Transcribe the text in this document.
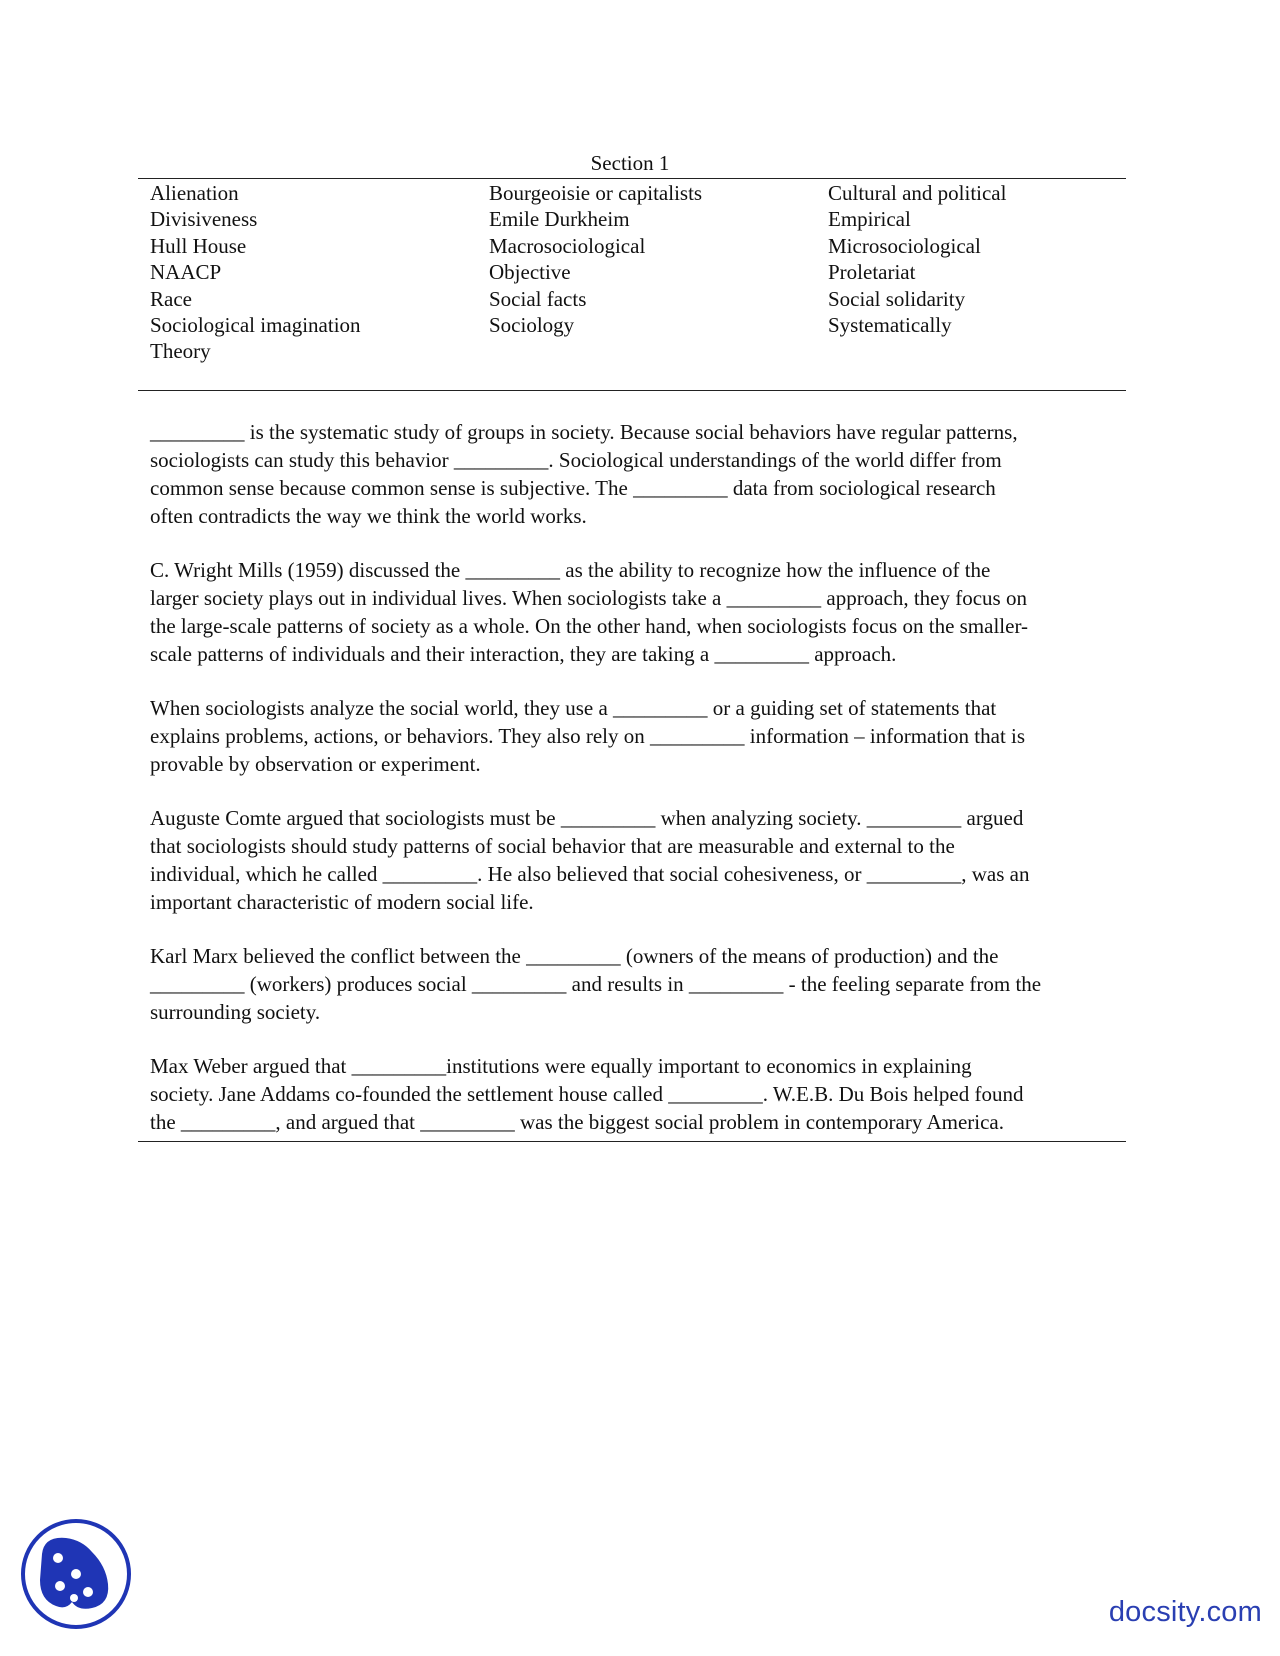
Section 1
Alienation
Divisiveness
Hull House
NAACP
Race
Sociological imagination
Theory
Bourgeoisie or capitalists
Emile Durkheim
Macrosociological
Objective
Social facts
Sociology
Cultural and political
Empirical
Microsociological
Proletariat
Social solidarity
Systematically
_________ is the systematic study of groups in society. Because social behaviors have regular patterns,
sociologists can study this behavior _________. Sociological understandings of the world differ from
common sense because common sense is subjective. The _________ data from sociological research
often contradicts the way we think the world works.
C. Wright Mills (1959) discussed the _________ as the ability to recognize how the influence of the
larger society plays out in individual lives. When sociologists take a _________ approach, they focus on
the large-scale patterns of society as a whole. On the other hand, when sociologists focus on the smaller-
scale patterns of individuals and their interaction, they are taking a _________ approach.
When sociologists analyze the social world, they use a _________ or a guiding set of statements that
explains problems, actions, or behaviors. They also rely on _________ information – information that is
provable by observation or experiment.
Auguste Comte argued that sociologists must be _________ when analyzing society. _________ argued
that sociologists should study patterns of social behavior that are measurable and external to the
individual, which he called _________. He also believed that social cohesiveness, or _________, was an
important characteristic of modern social life.
Karl Marx believed the conflict between the _________ (owners of the means of production) and the
_________ (workers) produces social _________ and results in _________ - the feeling separate from the
surrounding society.
Max Weber argued that _________institutions were equally important to economics in explaining
society. Jane Addams co-founded the settlement house called _________. W.E.B. Du Bois helped found
the _________, and argued that _________ was the biggest social problem in contemporary America.
docsity.com
